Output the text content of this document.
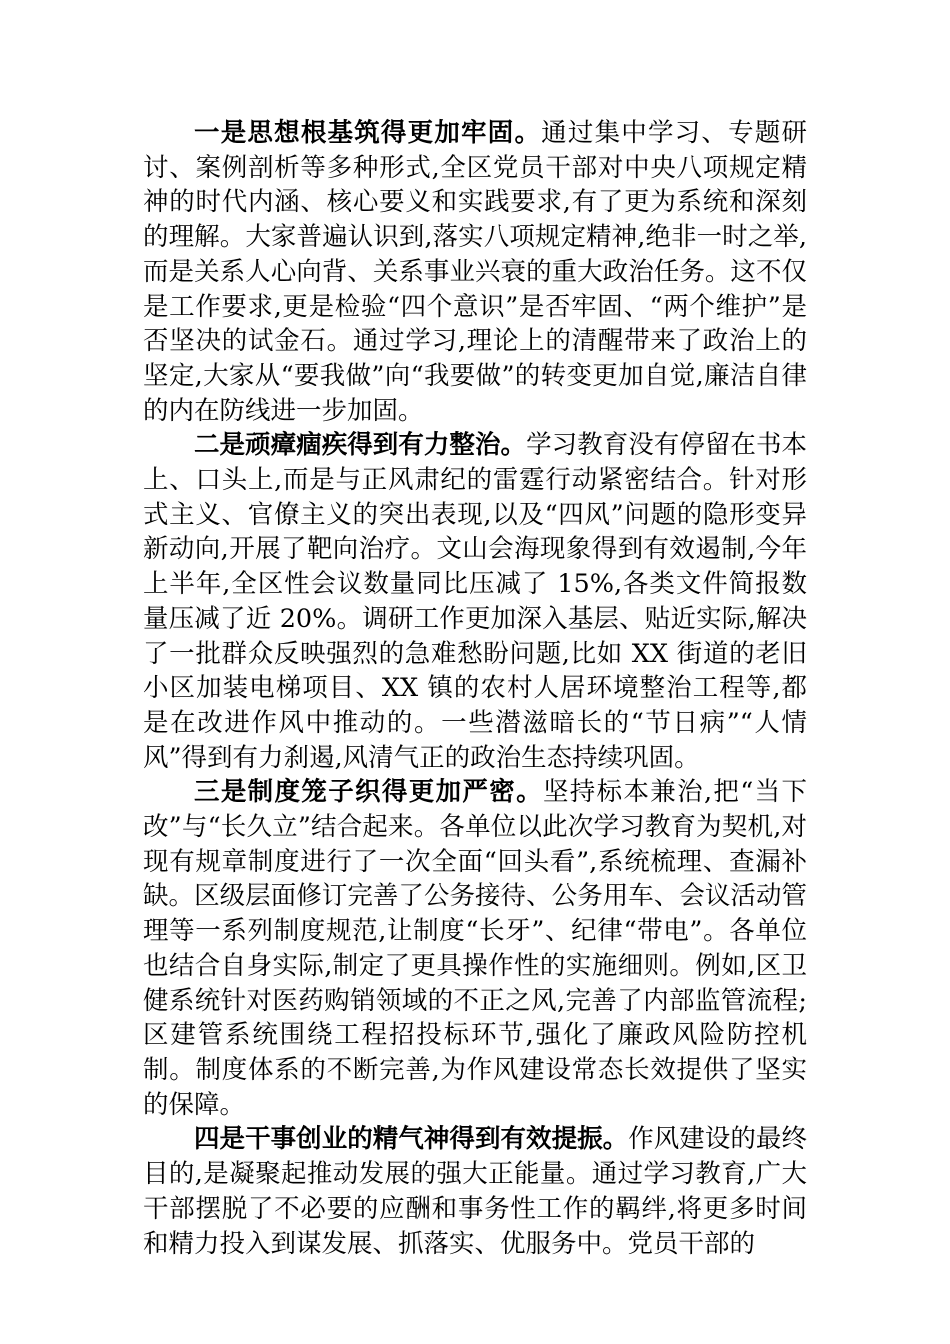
一是思想根基筑得更加牢固。通过集中学习、专题研讨、案例剖析等多种形式,全区党员干部对中央八项规定精神的时代内涵、核心要义和实践要求,有了更为系统和深刻的理解。大家普遍认识到,落实八项规定精神,绝非一时之举,而是关系人心向背、关系事业兴衰的重大政治任务。这不仅是工作要求,更是检验“四个意识”是否牢固、“两个维护”是否坚决的试金石。通过学习,理论上的清醒带来了政治上的坚定,大家从“要我做”向“我要做”的转变更加自觉,廉洁自律的内在防线进一步加固。

二是顽瘴痼疾得到有力整治。学习教育没有停留在书本上、口头上,而是与正风肃纪的雷霆行动紧密结合。针对形式主义、官僚主义的突出表现,以及“四风”问题的隐形变异新动向,开展了靶向治疗。文山会海现象得到有效遏制,今年上半年,全区性会议数量同比压减了 15%,各类文件简报数量压减了近 20%。调研工作更加深入基层、贴近实际,解决了一批群众反映强烈的急难愁盼问题,比如 XX 街道的老旧小区加装电梯项目、XX 镇的农村人居环境整治工程等,都是在改进作风中推动的。一些潜滋暗长的“节日病”“人情风”得到有力刹遏,风清气正的政治生态持续巩固。

三是制度笼子织得更加严密。坚持标本兼治,把“当下改”与“长久立”结合起来。各单位以此次学习教育为契机,对现有规章制度进行了一次全面“回头看”,系统梳理、查漏补缺。区级层面修订完善了公务接待、公务用车、会议活动管理等一系列制度规范,让制度“长牙”、纪律“带电”。各单位也结合自身实际,制定了更具操作性的实施细则。例如,区卫健系统针对医药购销领域的不正之风,完善了内部监管流程;区建管系统围绕工程招投标环节,强化了廉政风险防控机制。制度体系的不断完善,为作风建设常态长效提供了坚实的保障。

四是干事创业的精气神得到有效提振。作风建设的最终目的,是凝聚起推动发展的强大正能量。通过学习教育,广大干部摆脱了不必要的应酬和事务性工作的羁绊,将更多时间和精力投入到谋发展、抓落实、优服务中。党员干部的
